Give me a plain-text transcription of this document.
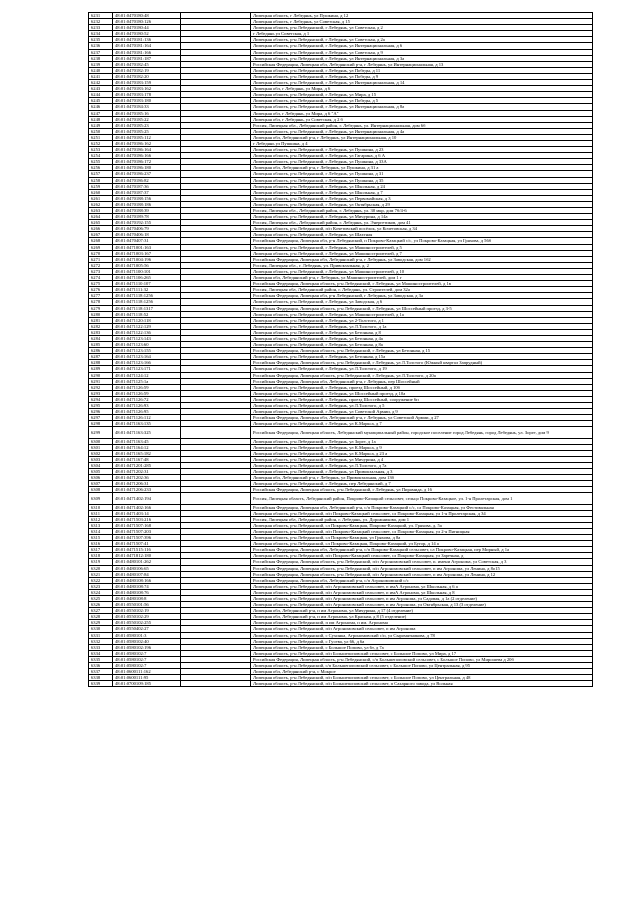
6231	48:01:0470180:48		Липецкая область, г Лебедянь, ул Пушкина, д 12
6232	48:01:0470180:126		Липецкая область, г Лебедянь, ул Советская, д 15
6233	48:01:0470180:44		Липецкая область, р-н Лебедянский, г Лебедянь, ул Советская, д 2
6234	48:01:0470180:52		г Лебедянь ул Советская, д 1
6235	48:01:0470181:136		Липецкая область, р-н Лебедянский, г Лебедянь, ул Советская, д 2а
6236	48:01:0470181:164		Липецкая область, р-н Лебедянский, г Лебедянь, ул Интернациональная, д 6
6237	48:01:0470181:166		Липецкая область, р-н Лебедянский, г Лебедянь, ул Советская, д 9
6238	48:01:0470181:187		Липецкая область, р-н Лебедянский, г Лебедянь, ул Интернациональная, д 3а
6239	48:01:0470182:45		Российская Федерация, Липецкая обл, Лебедянский р-н, г Лебедянь, ул Интернациональная, д 13
6240	48:01:0470182:19		Липецкая область, р-н Лебедянский, г Лебедянь, ул Победы, д 11
6241	48:01:0470182:20		Липецкая область, р-н Лебедянский, г Лебедянь, ул Победы, д 9
6242	48:01:0470183:159		Липецкая область, р-н Лебедянский, г Лебедянь, ул Интернациональная, д 14
6243	48:01:0470183:162		Липецкая обл, г Лебедянь, ул Мира, д 6
6244	48:01:0470183:178		Липецкая область, р-н Лебедянский, г Лебедянь, ул Мира, д 15
6245	48:01:0470183:180		Липецкая область, р-н Лебедянский, г Лебедянь, ул Победы, д 5
6246	48:01:0470184:33		Липецкая область, р-н Лебедянский, г Лебедянь, ул Интернациональная, д 8а
6247	48:01:0470185:16		Липецкая обл, г Лебедянь, ул Мира, д 6 "А"
6248	48:01:0470185:22		Липецкая обл, г Лебедянь, ул Советская, д 2 б
6249	48:01:0470185:23		Россия, Липецкая обл., Лебедянский район, г. Лебедянь, ул. Интернациональная, дом 6б
6250	48:01:0470185:25		Липецкая область, р-н Лебедянский, г Лебедянь, ул Интернациональная, д 4а
6251	48:01:0470185:112		Липецкая обл, Лебедянский р-н, г Лебедянь, ул Интернациональная, д 10
6252	48:01:0470186:162		г Лебедянь ул Пушкина, д 4
6253	48:01:0470186:164		Липецкая область, р-н Лебедянский, г Лебедянь, ул Пушкина, д 23
6254	48:01:0470186:166		Липецкая область, р-н Лебедянский, г Лебедянь, ул Гагарина, д 6 А
6255	48:01:0470186:172		Липецкая область, р-н Лебедянский, г Лебедянь, ул Пушкина, д 33А
6256	48:01:0470186:180		Липецкая обл, Лебедянский р-н, г Лебедянь, ул Пушкина, д 31 а
6257	48:01:0470186:237		Липецкая область, р-н Лебедянский, г Лебедянь, ул Пушкина, д 31
6258	48:01:0470186:82		Липецкая область, р-н Лебедянский, г Лебедянь, ул Пушкина, д 35
6259	48:01:0470187:36		Липецкая область, р-н Лебедянский, г Лебедянь, ул Школьная, д 24
6260	48:01:0470187:37		Липецкая область, р-н Лебедянский, г Лебедянь, ул Школьная, д 7
6261	48:01:0470188:156		Липецкая область, р-н Лебедянский, г Лебедянь, ул Первомайская, д 3
6262	48:01:0470188:186		Липецкая область, р-н Лебедянский, г Лебедянь, ул Октябрьская, д 29
6263	48:01:0470188:39		Россия, Липецкая обл., Лебедянский район, г. Лебедянь, ул. 30 мкр, дом 7б/4-6
6264	48:01:0470189:78		Липецкая область, р-н Лебедянский, г Лебедянь, ул Мичурина, д 14а
6265	48:01:0470192:155		Россия, Липецкая обл., Лебедянский район, г. Лебедянь, ул. Энергетиков, дом 41
6266	48:01:0470406:79		Липецкая область, р-н Лебедянский, п/п Кочетовский посёлок, ул Кочетовская, д 34
6267	48:01:0470406:18		Липецкая область, р-н Лебедянский, г Лебедянь, ул Шахтная
6268	48:01:0470407:31		Российская Федерация, Липецкая обл, р-н Лебедянский, п Покрово-Казацкий с/с, ул Покрово-Казацкая, ул Гряхова, д 56б
6269	48:01:0471001:163		Липецкая область, р-н Лебедянский, г Лебедянь, ул Машиностроителей, д 5
6270	48:01:0471003:167		Липецкая область, р-н Лебедянский, г Лебедянь, ул Машиностроителей, д 7
6271	48:01:0471004:196		Российская Федерация, Липецкая обл, Лебедянский р-н, г Лебедянь, ул Заводская, дом 1б2
6272	48:01:0471005:56		Россия, Липецкая обл., г. Лебедянь, ул. Привокзальная, д. 2
6273	48:01:0471100:101		Липецкая область, р-н Лебедянский, г Лебедянь, ул Машиностроителей, д 10
6274	48:01:0471106:265		Липецкая обл, Лебедянский р-н, г Лебедянь, ул Машиностроителей, дом 1 г
6275	48:01:0471110:107		Российская Федерация, Липецкая область, р-н Лебедянский, г Лебедянь, ул Машиностроителей, д 1в
6276	48:01:0471111:32		Россия, Липецкая обл, Лебедянский район, г. Лебедянь, ул. Строителей, дом 32а
6277	48:01:0471118:1256		Российская Федерация, Липецкая обл, р-н Лебедянский, г Лебедянь, ул Заводская, д 3а
6278	48:01:0471118:1256		Липецкая область, р-н Лебедянский, г Лебедянь, ул Заводская, д 6
6279	48:01:0471118:1317		Российская Федерация, Липецкая область, р-н Лебедянский, г Лебедянь, ул Шоссейный проезд, д 3-5
6280	48:01:0471118:52		Липецкая область, р-н Лебедянский, г Лебедянь, ул Машиностроителей, д 1а
6281	48:01:0471120:118		Липецкая область, р-н Лебедянский, г Лебедянь, ул 2-Толстого, д 1
6282	48:01:0471122:129		Липецкая область, р-н Лебедянский, г Лебедянь, ул Л.Толстого, д 1а
6283	48:01:0471122:136		Липецкая область, р-н Лебедянский, г Лебедянь, ул Бетонная, д 8
6284	48:01:0471123:143		Липецкая область, р-н Лебедянский, г Лебедянь, ул Бетонная, д 4а
6285	48:01:0471123:60		Липецкая область, р-н Лебедянский, г Лебедянь, ул Бетонная, д 8а
6286	48:01:0471123:155		Российская Федерация, Липецкая область, р-н Лебедянский, г Лебедянь, ул Бетонная, д 15
6287	48:01:0471123:164		Липецкая область, р-н Лебедянский, г Лебедянь, ул Бетонная, д 15а
6288	48:01:0471123:166		Российская Федерация, Липецкая область, р-н Лебедянский, г Лебедянь, ул Л.Толстого (Южный квартал Запрудный)
6289	48:01:0471123:171		Липецкая область, р-н Лебедянский, г Лебедянь, ул Л.Толстого, д 19
6290	48:01:0471124:12		Российская Федерация, Липецкая область, р-н Лебедянский, г Лебедянь, ул Л.Толстого, д 20а
6291	48:01:0471125:1a		Российская Федерация, Липецкая обл, Лебедянский р-н, г Лебедянь, пер Шоссейный
6292	48:01:0471126:59		Липецкая область, р-н Лебедянский, г Лебедянь, проезд Шоссейный, д 10б
6293	48:01:0471126:59		Липецкая область, р-н Лебедянский, г Лебедянь, ул Шоссейный проезд, д 10а
6294	48:01:0471126:72		Липецкая область, р-н Лебедянский, г Лебедянь, проезд Шоссейный, сооружение 6п
6295	48:01:0471126:93		Липецкая область, р-н Лебедянский, г Лебедянь, ул Л.Толстого, д 5
6296	48:01:0471126:95		Липецкая область, р-н Лебедянский, г Лебедянь, ул Советской Армии, д 9
6297	48:01:0471126:112		Российская Федерация, Липецкая обл, Лебедянский р-н, г Лебедянь, ул Советской Армии, д 27
6298	48:01:0471163:135		Липецкая область, р-н Лебедянский, г Лебедянь, ул К.Маркса, д 7
6299	48:01:0471163:325		Российская Федерация, Липецкая область, Лебедянский муниципальный район, городское поселение город Лебедянь, город Лебедянь, ул. Зорге, дом 9
6300	48:01:0471163:45		Липецкая область, р-н Лебедянский, г Лебедянь, ул Зорге, д 1а
6301	48:01:0471164:12		Липецкая область, р-н Лебедянский, г Лебедянь, ул К.Маркса, д 9
6302	48:01:0471165:182		Липецкая область, р-н Лебедянский, г Лебедянь, ул К.Маркса, д 23 а
6303	48:01:0471167:48		Липецкая область, р-н Лебедянский, г Лебедянь, ул Мичурина, д 4
6304	48:01:0471201:285		Липецкая область, р-н Лебедянский, г Лебедянь, ул Л.Толстого, д 7а
6305	48:01:0471202:31		Липецкая область, р-н Лебедянский, г Лебедянь, ул Привокзальная, д 3
6306	48:01:0471202:36		Липецкая обл, Лебедянский р-н, г Лебедянь, ул Привокзальная, дом 13б
6307	48:01:0471206:31		Липецкая область, р-н Лебедянский, г Лебедянь, пер Лебедянский, д 7
6308	48:01:0471206:233		Российская Федерация, Липецкая область, р-н Лебедянский, г Лебедянь, ул Пирамида, д 16
6309	48:01:0471402:194		Россия, Липецкая область, Лебедянский район, Покрово-Казацкий сельсовет, сельцо Покрово-Казацкое, ул. 1-я Пролетарская, дом 1
6310	48:01:0471402:166		Российская Федерация, Липецкая обл, Лебедянский р-н, с/п Покрово-Казацкий с/с, сл Покрово-Казацкая, ул Фестивальная
6311	48:01:0471403:14		Липецкая область, р-н Лебедянский, п/п Покрово-Казацкий сельсовет, сл Покрово-Казацкая, ул 1-я Пролетарская, д 34
6312	48:01:0471503:216		Россия, Липецкая обл, Лебедянский район, г. Лебедянь, ул. Дорожникова, дом 1
6313	48:01:0471507:168		Липецкая область, р-н Лебедянский, сл Покрово-Казацкая, Покрово-Казацкий, ул. Гряхова, д. 5а
6314	48:01:0471507:203		Липецкая область, р-н Лебедянский, п/п Покрово-Казацкий сельсовет, сл Покрово-Казацкая, ул 2-я Пятницкая
6315	48:01:0471507:396		Липецкая область, р-н Лебедянский, сл Покрово-Казацкая, ул Гряхова, д 8а
6316	48:01:0471507:41		Липецкая область, р-н Лебедянский, сл Покрово-Казацкая, Покрово-Казацкий, ул Бугор, д 14 а
6317	48:01:0471515:116		Российская Федерация, Липецкая обл, Лебедянский р-н, с/п Покрово-Казацкий сельсовет, сл Покрово-Казацкая, пер Мирный, д 1а
6318	48:01:0471812:180		Липецкая область, р-н Лебедянский, п/п Покрово-Казацкий сельсовет, сл Покрово-Казацкая, ул Заречная, д
6319	48:01:0480101:262		Российская Федерация, Липецкая область, р-н Лебедянский, п/п Агрономовский сельсовет, п. имени Агронома, ул Советская, д 3
6320	48:01:0480106:65		Российская Федерация, Липецкая область, р-н Лебедянский, п/п Агрономовский сельсовет, п им Агронома, ул Ленина, д 8о15
6321	48:01:0480107:84		Российская Федерация, Липецкая область, р-н Лебедянский, п/п Агрономовский сельсовет, п им Агронома, ул Ленина, д 12
6322	48:01:0480108:166		Российская Федерация, Липецкая обл, Лебедянский р-н, с/п Агрономовский с/с
6323	48:01:0480108:74		Липецкая область, р-н Лебедянский, п/п Агрономовский сельсовет, п имА Агронома, ул Школьная, д 6 а
6324	48:01:0480108:76		Липецкая область, р-н Лебедянский, п/п Агрономовский сельсовет, п имА Агронома, ул Школьная, д 8
6325	48:01:0480108:8		Липецкая область, р-н Лебедянский, п/п Агрономовский сельсовет, п им Агронома, ул Садовая, д 1а (2 отделение)
6326	48:01:0550101:56		Липецкая область, р-н Лебедянский, п/п Агрономовский сельсовет, п им Агронома, ул Октябрьская, д 13 (3 отделение)
6327	48:01:0550102:19		Липецкая обл, Лебедянский р-н, п им Агронома, ул Мичурина, д 17 (4 отделение)
6328	48:01:0550102:29		Липецкая обл, Лебедянский р-н, п им Агронома, ул Красная, д 8 (5 отделение)
6329	48:01:0550102:255		Липецкая область, р-н Лебедянский, п им Агронома, п им. Агронома
6330	48:01:0550402:27		Липецкая область, р-н Лебедянский, п/п Агрономовский сельсовет, п им Агронома
6331	48:01:0580101:3		Липецкая область, р-н Лебедянский, с Сухинка, Агрономовский с/п, ул Сыромятникова, д 78
6332	48:01:0580102:40		Липецкая область, р-н Лебедянский, с Гусева, ул 66, д 6а
6333	48:01:0580102:196		Липецкая область, р-н Лебедянский, с Большое Попово, ул 6т, д 7а
6334	48:01:0580102:7		Липецкая область, р-н Лебедянский, п/п Большепоповский сельсовет, с Большое Попово, ул Мира, д 17
6335	48:01:0580102:7		Российская Федерация, Липецкая область, р-н Лебедянский, с/п Большепоповский сельсовет, с Большое Попово, ул Мирошева д 20б
6336	48:01:0580102:7		Липецкая область, р-н Лебедянский, с/п Большепоповский сельсовет, с Большое Попово, ул Центральная, д 95
6337	48:01:0600111:162		Липецкая обл, Лебедянский р-н, с Мокрое
6338	48:01:0600111:95		Липецкая область, р-н Лебедянский, п/п Большепоповский сельсовет, с Большое Попово, ул Центральная, д 48
6339	48:01:0700109:185		Липецкая область, р-н Лебедянский, п/п Большепоповский сельсовет, п Сахарного завода, ул Вольная
